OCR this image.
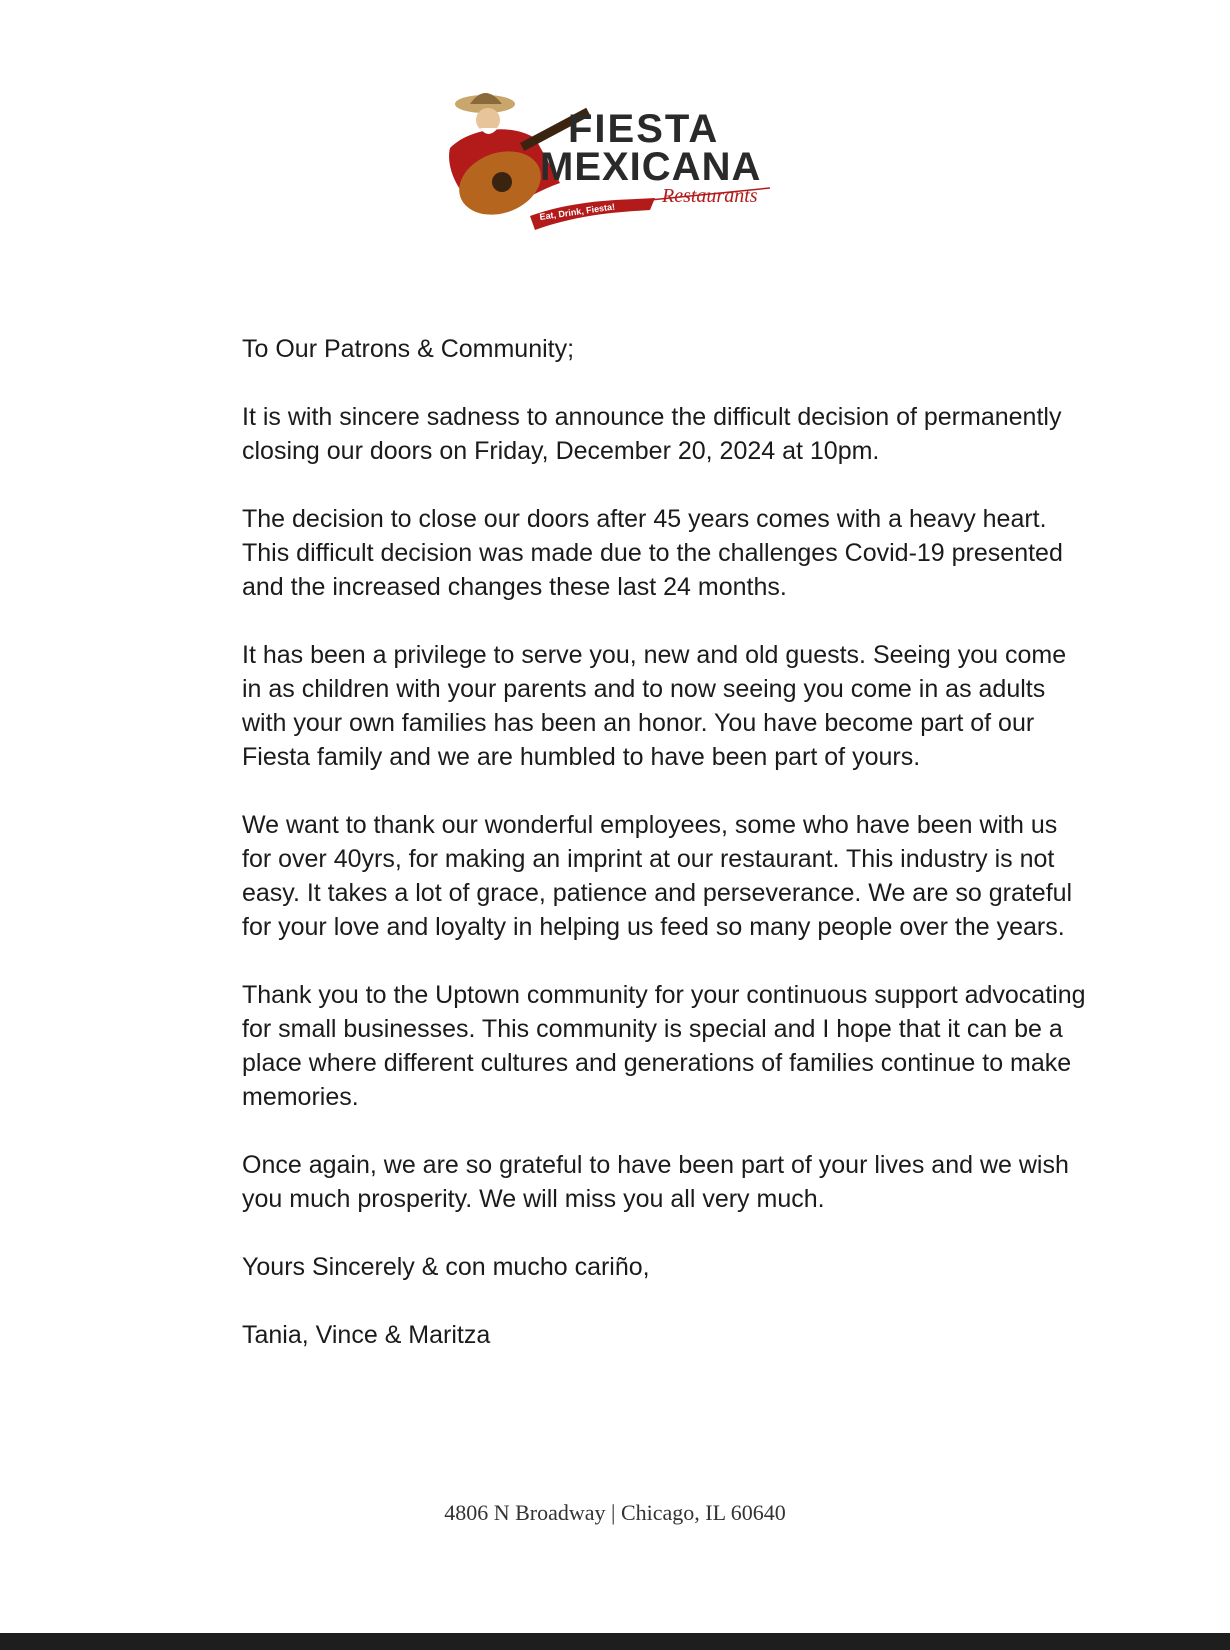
Eat, Drink, Fiesta!
FIESTA
MEXICANA
Restaurants

To Our Patrons & Community;

It is with sincere sadness to announce the difficult decision of permanently closing our doors on Friday, December 20, 2024 at 10pm.

The decision to close our doors after 45 years comes with a heavy heart. This difficult decision was made due to the challenges Covid-19 presented and the increased changes these last 24 months.

It has been a privilege to serve you, new and old guests. Seeing you come in as children with your parents and to now seeing you come in as adults with your own families has been an honor. You have become part of our Fiesta family and we are humbled to have been part of yours.

We want to thank our wonderful employees, some who have been with us for over 40yrs, for making an imprint at our restaurant. This industry is not easy. It takes a lot of grace, patience and perseverance. We are so grateful for your love and loyalty in helping us feed so many people over the years.

Thank you to the Uptown community for your continuous support advocating for small businesses. This community is special and I hope that it can be a place where different cultures and generations of families continue to make memories.

Once again, we are so grateful to have been part of your lives and we wish you much prosperity. We will miss you all very much.

Yours Sincerely & con mucho cariño,

Tania, Vince & Maritza

4806 N Broadway | Chicago, IL 60640
